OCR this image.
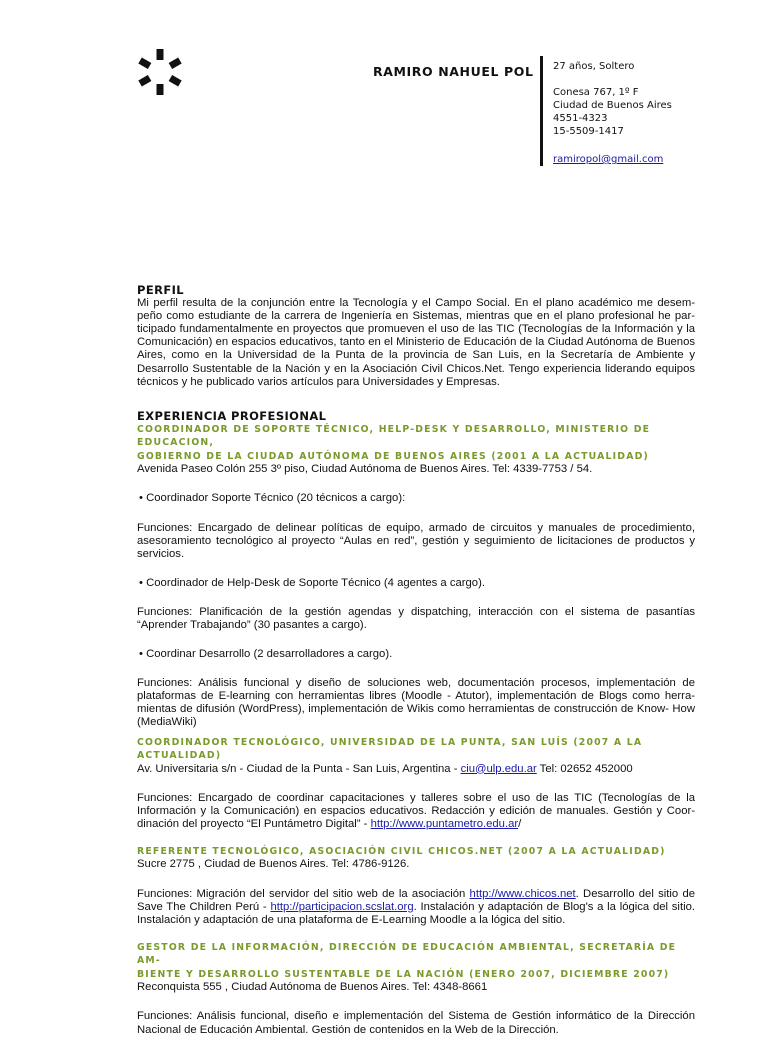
RAMIRO NAHUEL POL 27 años, Soltero
Conesa 767, 1º F
Ciudad de Buenos Aires
4551-4323
15-5509-1417
ramiropol@gmail.com
PERFIL

Mi perfil resulta de la conjunción entre la Tecnología y el Campo Social. En el plano académico me desem- peño como estudiante de la carrera de Ingeniería en Sistemas, mientras que en el plano profesional he par- ticipado fundamentalmente en proyectos que promueven el uso de las TIC (Tecnologías de la Información y la Comunicación) en espacios educativos, tanto en el Ministerio de Educación de la Ciudad Autónoma de Buenos Aires, como en la Universidad de la Punta de la provincia de San Luis, en la Secretaría de Ambiente y Desarrollo Sustentable de la Nación y en la Asociación Civil Chicos.Net. Tengo experiencia liderando equipos técnicos y he publicado varios artículos para Universidades y Empresas.

EXPERIENCIA PROFESIONAL
COORDINADOR DE SOPORTE TÉCNICO, HELP-DESK Y DESARROLLO, MINISTERIO DE EDUCACION,
GOBIERNO DE LA CIUDAD AUTÓNOMA DE BUENOS AIRES (2001 A LA ACTUALIDAD)

Avenida Paseo Colón 255 3º piso, Ciudad Autónoma de Buenos Aires. Tel: 4339-7753 / 54.

• Coordinador Soporte Técnico (20 técnicos a cargo):

Funciones: Encargado de delinear políticas de equipo, armado de circuitos y manuales de procedimiento, asesoramiento tecnológico al proyecto “Aulas en red”, gestión y seguimiento de licitaciones de productos y servicios.

• Coordinador de Help-Desk de Soporte Técnico (4 agentes a cargo).

Funciones: Planificación de la gestión agendas y dispatching, interacción con el sistema de pasantías “Aprender Trabajando” (30 pasantes a cargo).

• Coordinar Desarrollo (2 desarrolladores a cargo).

Funciones: Análisis funcional y diseño de soluciones web, documentación procesos, implementación de plataformas de E-learning con herramientas libres (Moodle - Atutor), implementación de Blogs como herra- mientas de difusión (WordPress), implementación de Wikis como herramientas de construcción de Know- How (MediaWiki)

COORDINADOR TECNOLÓGICO, UNIVERSIDAD DE LA PUNTA, SAN LUÍS (2007 A LA ACTUALIDAD)

Av. Universitaria s/n - Ciudad de la Punta - San Luis, Argentina - ciu@ulp.edu.ar Tel: 02652 452000

Funciones: Encargado de coordinar capacitaciones y talleres sobre el uso de las TIC (Tecnologías de la Información y la Comunicación) en espacios educativos. Redacción y edición de manuales. Gestión y Coor- dinación del proyecto “El Puntámetro Digital” - http://www.puntametro.edu.ar/

REFERENTE TECNOLÓGICO, ASOCIACIÓN CIVIL CHICOS.NET (2007 A LA ACTUALIDAD)

Sucre 2775 , Ciudad de Buenos Aires. Tel: 4786-9126.

Funciones: Migración del servidor del sitio web de la asociación http://www.chicos.net. Desarrollo del sitio de Save The Children Perú - http://participacion.scslat.org. Instalación y adaptación de Blog's a la lógica del sitio. Instalación y adaptación de una plataforma de E-Learning Moodle a la lógica del sitio.

GESTOR DE LA INFORMACIÓN, DIRECCIÓN DE EDUCACIÓN AMBIENTAL, SECRETARÍA DE AM-
BIENTE Y DESARROLLO SUSTENTABLE DE LA NACIÓN (ENERO 2007, DICIEMBRE 2007)

Reconquista 555 , Ciudad Autónoma de Buenos Aires. Tel: 4348-8661

Funciones: Análisis funcional, diseño e implementación del Sistema de Gestión informático de la Dirección Nacional de Educación Ambiental. Gestión de contenidos en la Web de la Dirección.
